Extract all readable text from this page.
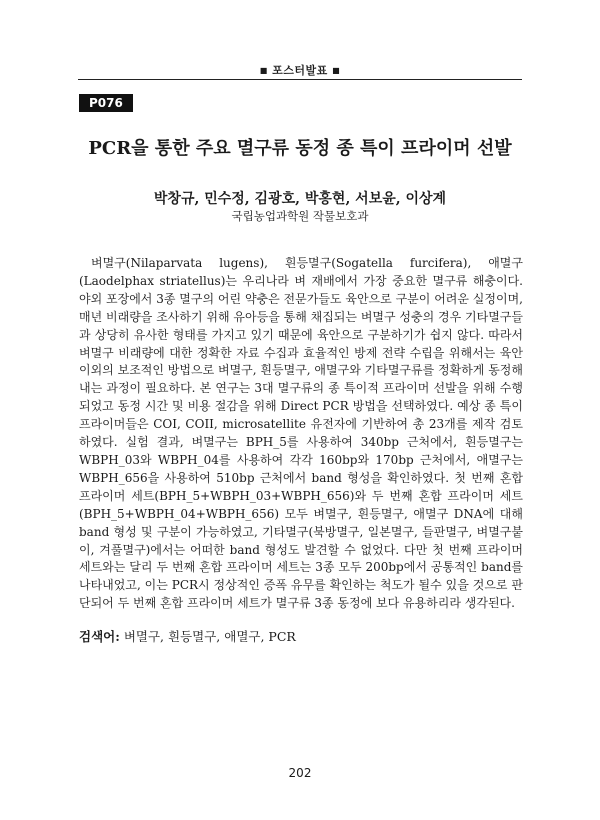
■ 포스터발표 ■
P076
PCR을 통한 주요 멸구류 동정 종 특이 프라이머 선발
박창규, 민수정, 김광호, 박홍현, 서보윤, 이상계
국립농업과학원 작물보호과

벼멸구(Nilaparvata lugens), 흰등멸구(Sogatella furcifera), 애멸구(Laodelphax striatellus)는 우리나라 벼 재배에서 가장 중요한 멸구류 해충이다. 야외 포장에서 3종 멸구의 어린 약충은 전문가들도 육안으로 구분이 어려운 실정이며, 매년 비래량을 조사하기 위해 유아등을 통해 채집되는 벼멸구 성충의 경우 기타멸구들과 상당히 유사한 형태를 가지고 있기 때문에 육안으로 구분하기가 쉽지 않다. 따라서 벼멸구 비래량에 대한 정확한 자료 수집과 효율적인 방제 전략 수립을 위해서는 육안 이외의 보조적인 방법으로 벼멸구, 흰등멸구, 애멸구와 기타멸구류를 정확하게 동정해 내는 과정이 필요하다. 본 연구는 3대 멸구류의 종 특이적 프라이머 선발을 위해 수행되었고 동정 시간 및 비용 절감을 위해 Direct PCR 방법을 선택하였다. 예상 종 특이 프라이머들은 COI, COII, microsatellite 유전자에 기반하여 총 23개를 제작 검토하였다. 실험 결과, 벼멸구는 BPH_5를 사용하여 340bp 근처에서, 흰등멸구는 WBPH_03와 WBPH_04를 사용하여 각각 160bp와 170bp 근처에서, 애멸구는 WBPH_656을 사용하여 510bp 근처에서 band 형성을 확인하였다. 첫 번째 혼합 프라이머 세트(BPH_5+WBPH_03+WBPH_656)와 두 번째 혼합 프라이머 세트(BPH_5+WBPH_04+WBPH_656) 모두 벼멸구, 흰등멸구, 애멸구 DNA에 대해 band 형성 및 구분이 가능하였고, 기타멸구(북방멸구, 일본멸구, 들판멸구, 벼멸구붙이, 겨풀멸구)에서는 어떠한 band 형성도 발견할 수 없었다. 다만 첫 번째 프라이머 세트와는 달리 두 번째 혼합 프라이머 세트는 3종 모두 200bp에서 공통적인 band를 나타내었고, 이는 PCR시 정상적인 증폭 유무를 확인하는 척도가 될수 있을 것으로 판단되어 두 번째 혼합 프라이머 세트가 멸구류 3종 동정에 보다 유용하리라 생각된다.

검색어: 벼멸구, 흰등멸구, 애멸구, PCR
202
